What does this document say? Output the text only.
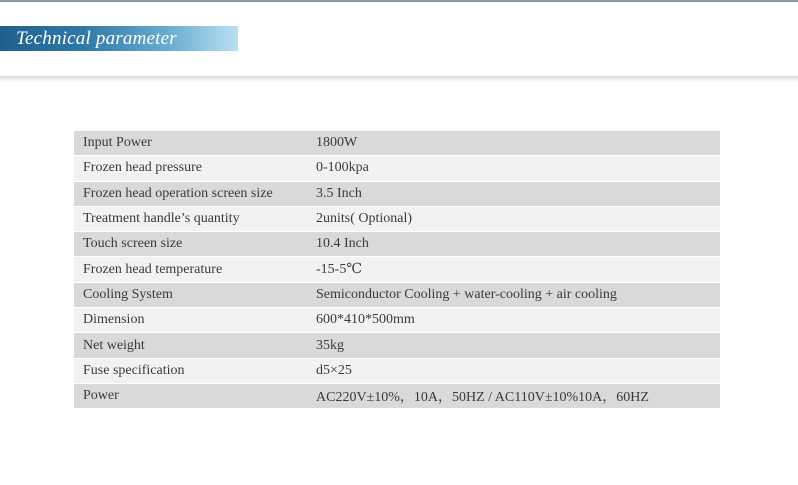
Technical parameter
Input Power	1800W
Frozen head pressure	0-100kpa
Frozen head operation screen size	3.5 Inch
Treatment handle’s quantity	2units( Optional)
Touch screen size	10.4 Inch
Frozen head temperature	-15-5℃
Cooling System	Semiconductor Cooling + water-cooling + air cooling
Dimension	600*410*500mm
Net weight	35kg
Fuse specification	d5×25
Power	AC220V±10%，10A，50HZ / AC110V±10%10A，60HZ
